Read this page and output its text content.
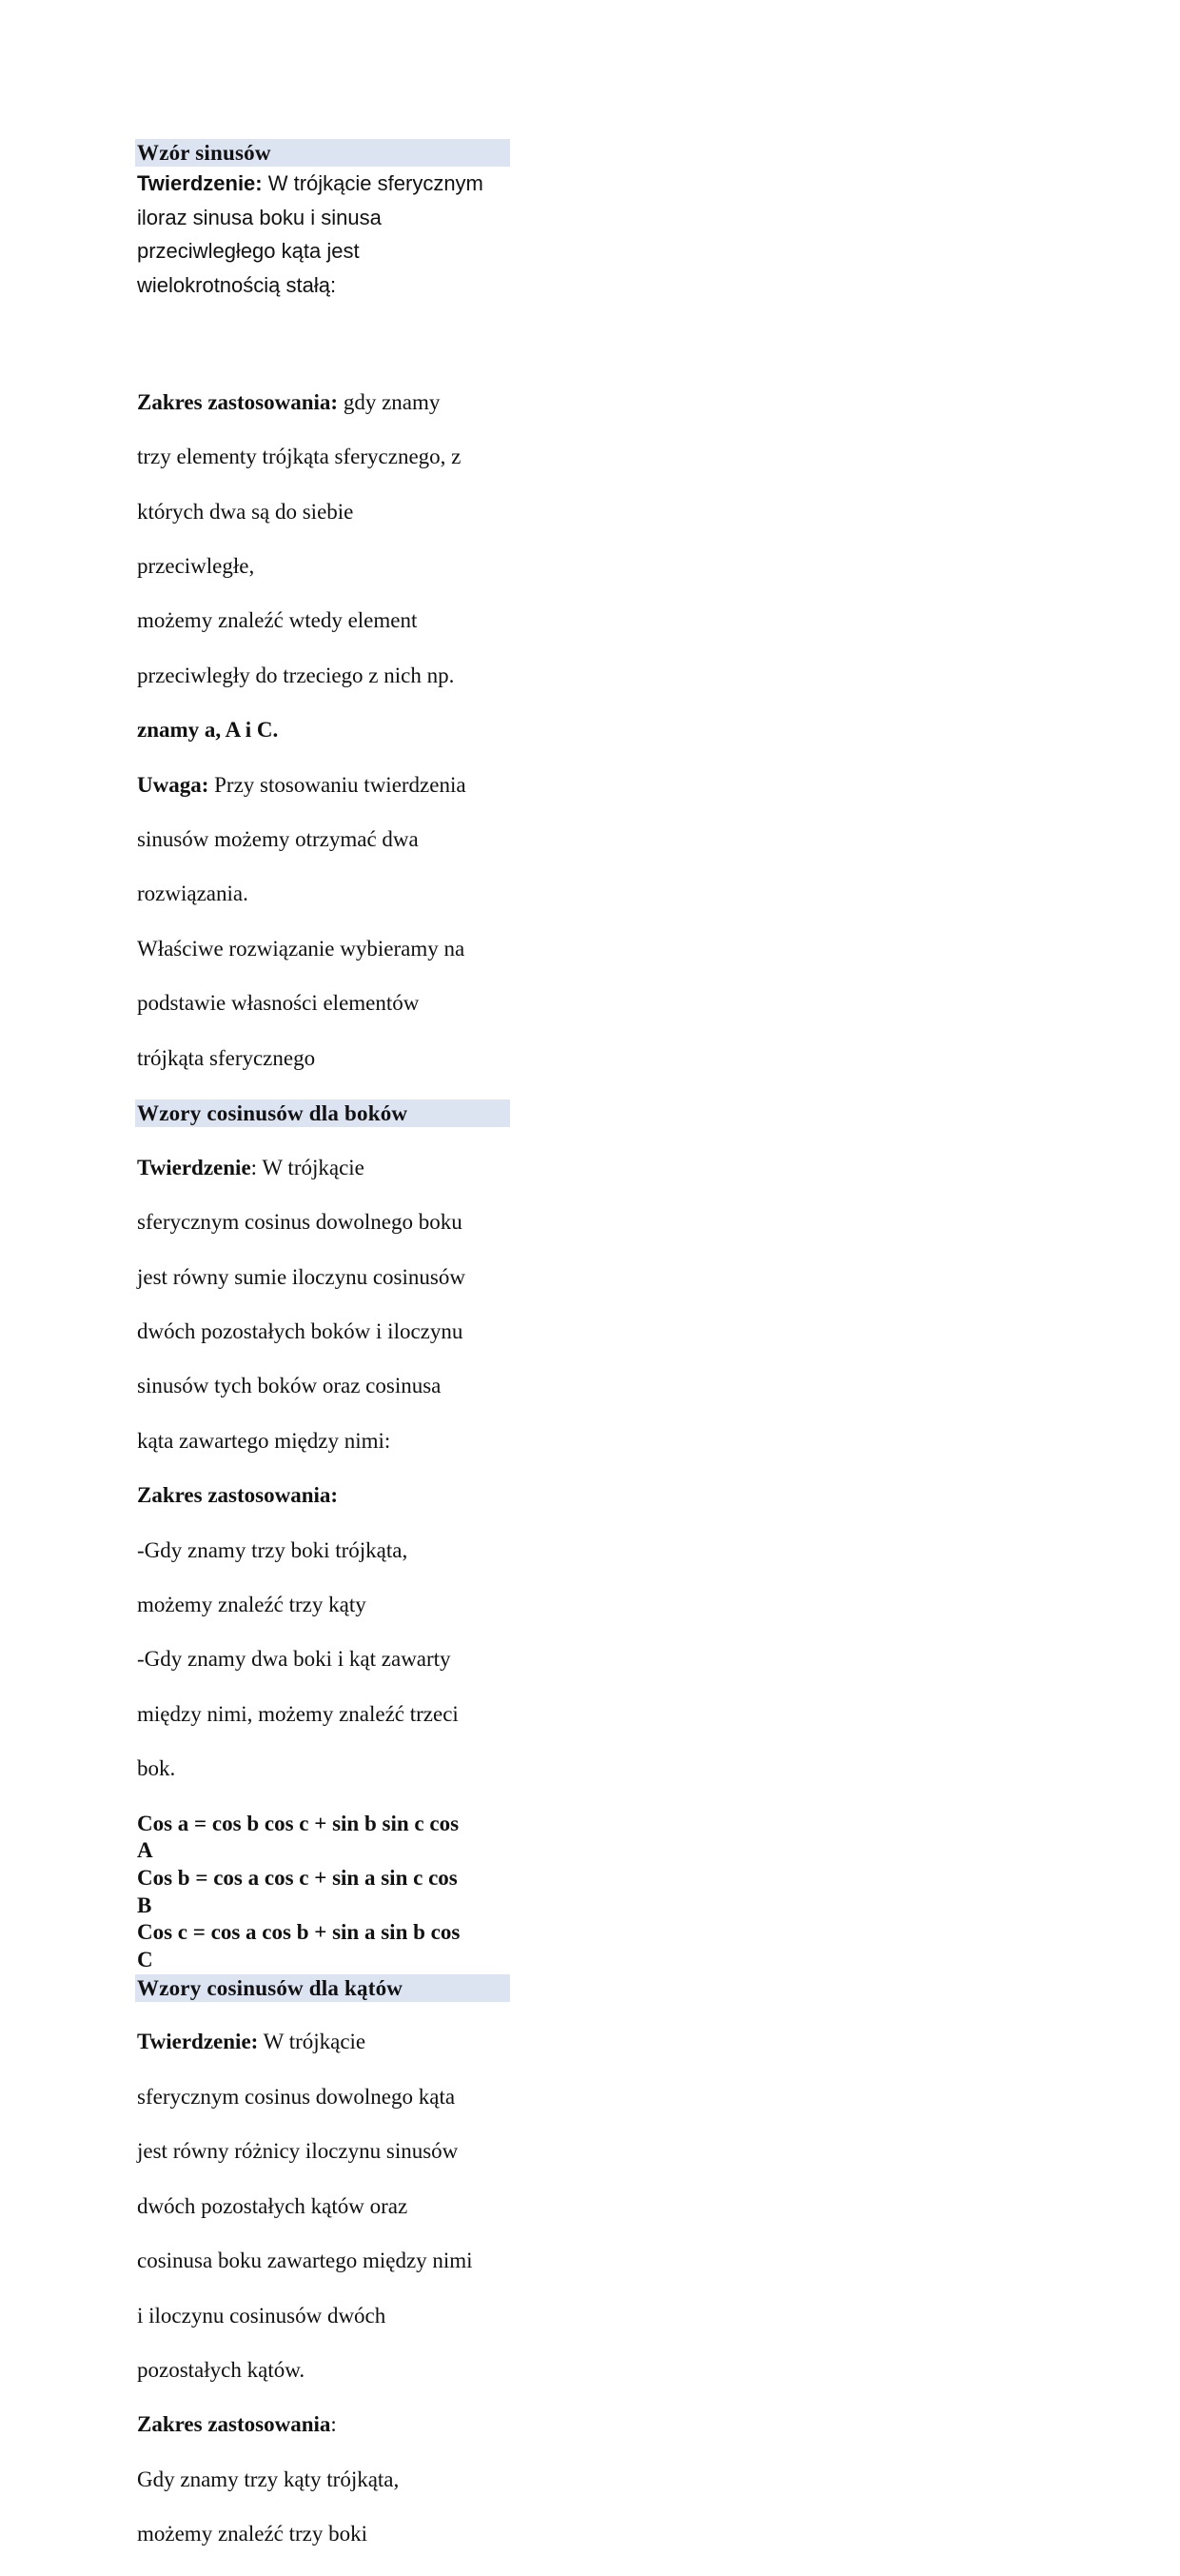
Wzór sinusów
Twierdzenie: W trójkącie sferycznym
iloraz sinusa boku i sinusa
przeciwległego kąta jest
wielokrotnością stałą:

Zakres zastosowania: gdy znamy

trzy elementy trójkąta sferycznego, z

których dwa są do siebie

przeciwległe,

możemy znaleźć wtedy element

przeciwległy do trzeciego z nich np.

znamy a, A i C.

Uwaga: Przy stosowaniu twierdzenia

sinusów możemy otrzymać dwa

rozwiązania.

Właściwe rozwiązanie wybieramy na

podstawie własności elementów

trójkąta sferycznego

Wzory cosinusów dla boków

Twierdzenie: W trójkącie

sferycznym cosinus dowolnego boku

jest równy sumie iloczynu cosinusów

dwóch pozostałych boków i iloczynu

sinusów tych boków oraz cosinusa

kąta zawartego między nimi:

Zakres zastosowania:

-Gdy znamy trzy boki trójkąta,

możemy znaleźć trzy kąty

-Gdy znamy dwa boki i kąt zawarty

między nimi, możemy znaleźć trzeci

bok.

Cos a = cos b cos c + sin b sin c cos
A
Cos b = cos a cos c + sin a sin c cos
B
Cos c = cos a cos b + sin a sin b cos
C
Wzory cosinusów dla kątów

Twierdzenie: W trójkącie

sferycznym cosinus dowolnego kąta

jest równy różnicy iloczynu sinusów

dwóch pozostałych kątów oraz

cosinusa boku zawartego między nimi

i iloczynu cosinusów dwóch

pozostałych kątów.

Zakres zastosowania:

Gdy znamy trzy kąty trójkąta,

możemy znaleźć trzy boki
